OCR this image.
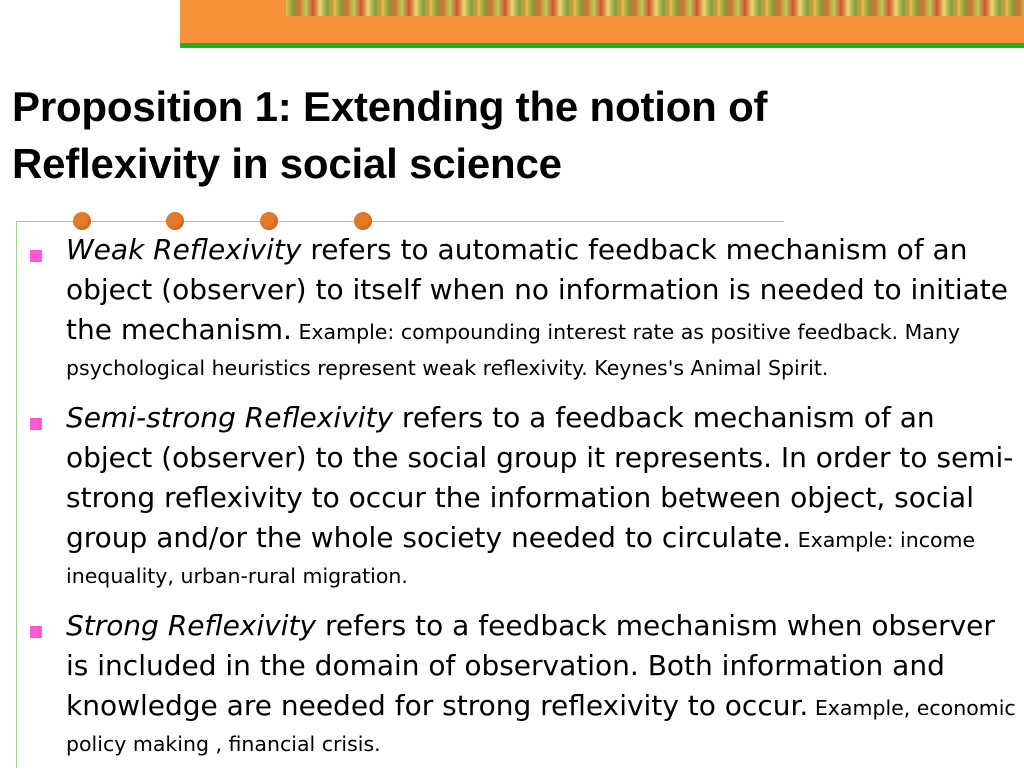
Proposition 1: Extending the notion of
Reflexivity in social science
Weak Reflexivity refers to automatic feedback mechanism of an object (observer) to itself when no information is needed to initiate the mechanism. Example: compounding interest rate as positive feedback. Many psychological heuristics represent weak reflexivity. Keynes's Animal Spirit.
Semi-strong Reflexivity refers to a feedback mechanism of an object (observer) to the social group it represents. In order to semi-strong reflexivity to occur the information between object, social group and/or the whole society needed to circulate. Example: income inequality, urban-rural migration.
Strong Reflexivity refers to a feedback mechanism when observer is included in the domain of observation. Both information and knowledge are needed for strong reflexivity to occur. Example, economic policy making , financial crisis.
